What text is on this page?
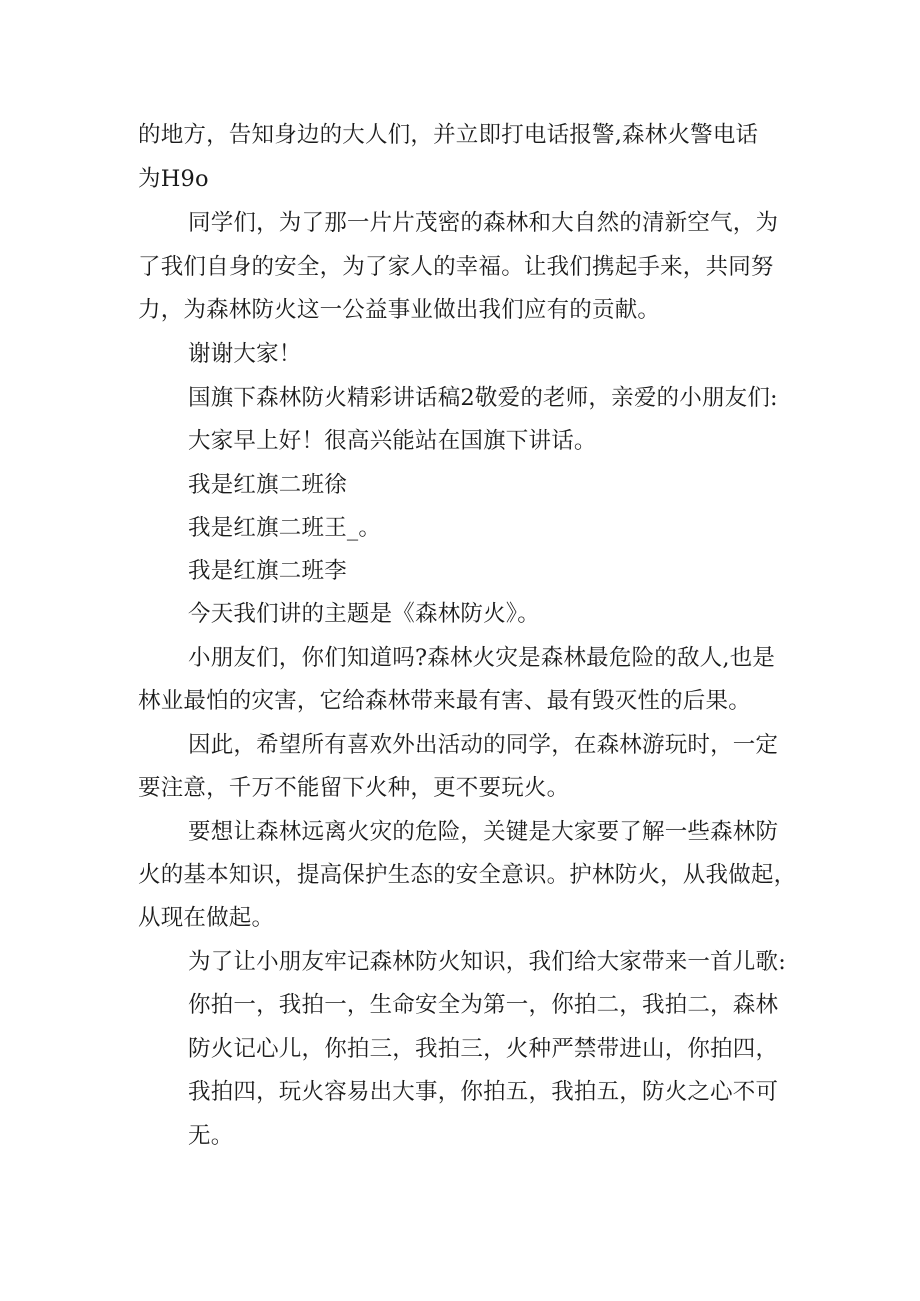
的地方，告知身边的大人们，并立即打电话报警,森林火警电话
为H9o
同学们，为了那一片片茂密的森林和大自然的清新空气，为
了我们自身的安全，为了家人的幸福。让我们携起手来，共同努
力，为森林防火这一公益事业做出我们应有的贡献。
谢谢大家！
国旗下森林防火精彩讲话稿2敬爱的老师，亲爱的小朋友们:
大家早上好！很高兴能站在国旗下讲话。
我是红旗二班徐
我是红旗二班王_。
我是红旗二班李
今天我们讲的主题是《森林防火》。
小朋友们，你们知道吗?森林火灾是森林最危险的敌人,也是
林业最怕的灾害，它给森林带来最有害、最有毁灭性的后果。
因此，希望所有喜欢外出活动的同学，在森林游玩时，一定
要注意，千万不能留下火种，更不要玩火。
要想让森林远离火灾的危险，关键是大家要了解一些森林防
火的基本知识，提高保护生态的安全意识。护林防火，从我做起，
从现在做起。
为了让小朋友牢记森林防火知识，我们给大家带来一首儿歌:
你拍一，我拍一，生命安全为第一，你拍二，我拍二，森林
防火记心儿，你拍三，我拍三，火种严禁带进山，你拍四，
我拍四，玩火容易出大事，你拍五，我拍五，防火之心不可
无。
